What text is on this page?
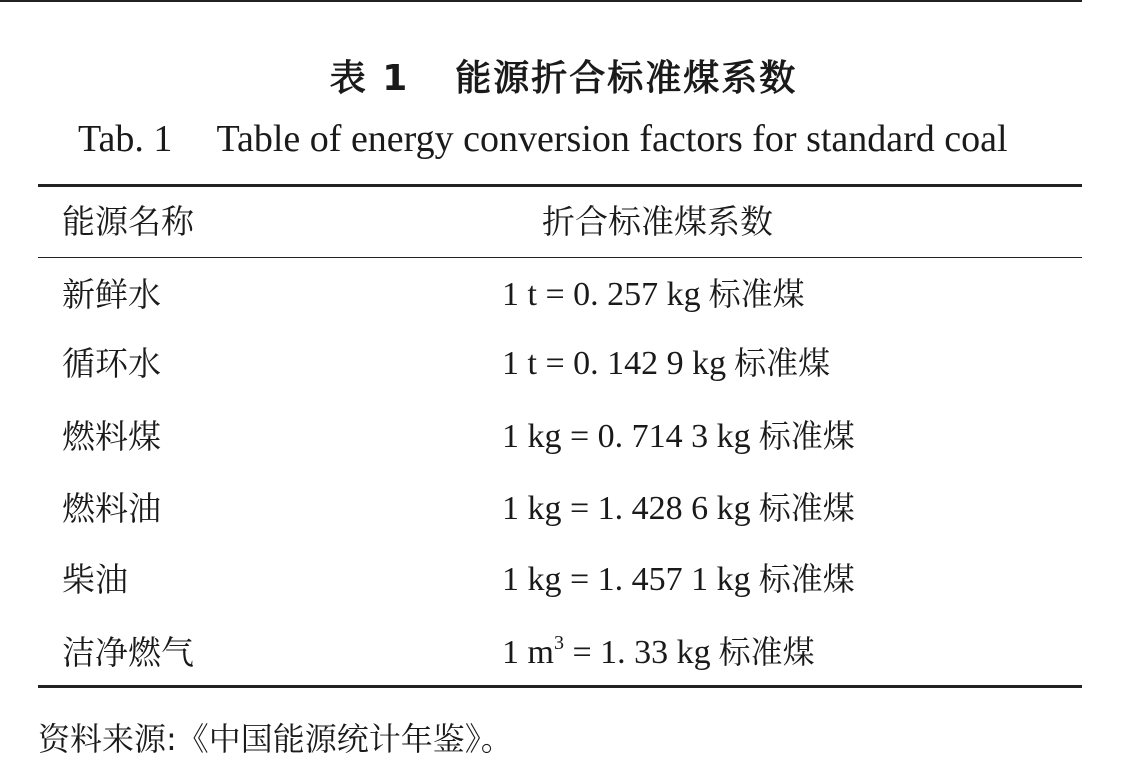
表 1 能源折合标准煤系数
Tab. 1 Table of energy conversion factors for standard coal
能源名称	折合标准煤系数
新鲜水	1 t = 0. 257 kg 标准煤
循环水	1 t = 0. 142 9 kg 标准煤
燃料煤	1 kg = 0. 714 3 kg 标准煤
燃料油	1 kg = 1. 428 6 kg 标准煤
柴油	1 kg = 1. 457 1 kg 标准煤
洁净燃气	1 $m^3 = 1$. 33 kg 标准煤
资料来源:《中国能源统计年鉴》。
